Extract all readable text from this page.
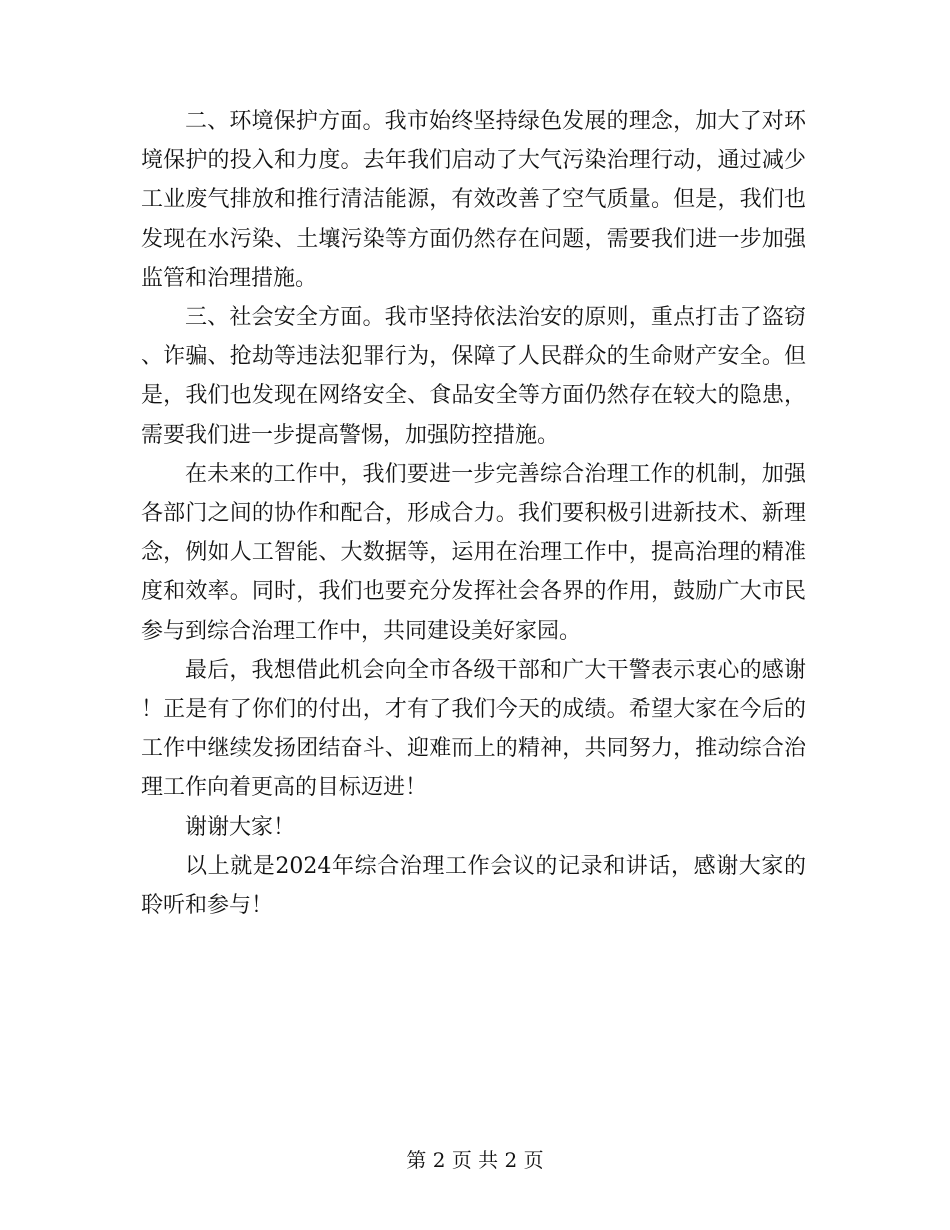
二、环境保护方面。我市始终坚持绿色发展的理念，加大了对环境保护的投入和力度。去年我们启动了大气污染治理行动，通过减少工业废气排放和推行清洁能源，有效改善了空气质量。但是，我们也发现在水污染、土壤污染等方面仍然存在问题，需要我们进一步加强监管和治理措施。

三、社会安全方面。我市坚持依法治安的原则，重点打击了盗窃、诈骗、抢劫等违法犯罪行为，保障了人民群众的生命财产安全。但是，我们也发现在网络安全、食品安全等方面仍然存在较大的隐患，需要我们进一步提高警惕，加强防控措施。

在未来的工作中，我们要进一步完善综合治理工作的机制，加强各部门之间的协作和配合，形成合力。我们要积极引进新技术、新理念，例如人工智能、大数据等，运用在治理工作中，提高治理的精准度和效率。同时，我们也要充分发挥社会各界的作用，鼓励广大市民参与到综合治理工作中，共同建设美好家园。

最后，我想借此机会向全市各级干部和广大干警表示衷心的感谢！正是有了你们的付出，才有了我们今天的成绩。希望大家在今后的工作中继续发扬团结奋斗、迎难而上的精神，共同努力，推动综合治理工作向着更高的目标迈进！

谢谢大家！

以上就是2024年综合治理工作会议的记录和讲话，感谢大家的聆听和参与！

第 2 页 共 2 页
